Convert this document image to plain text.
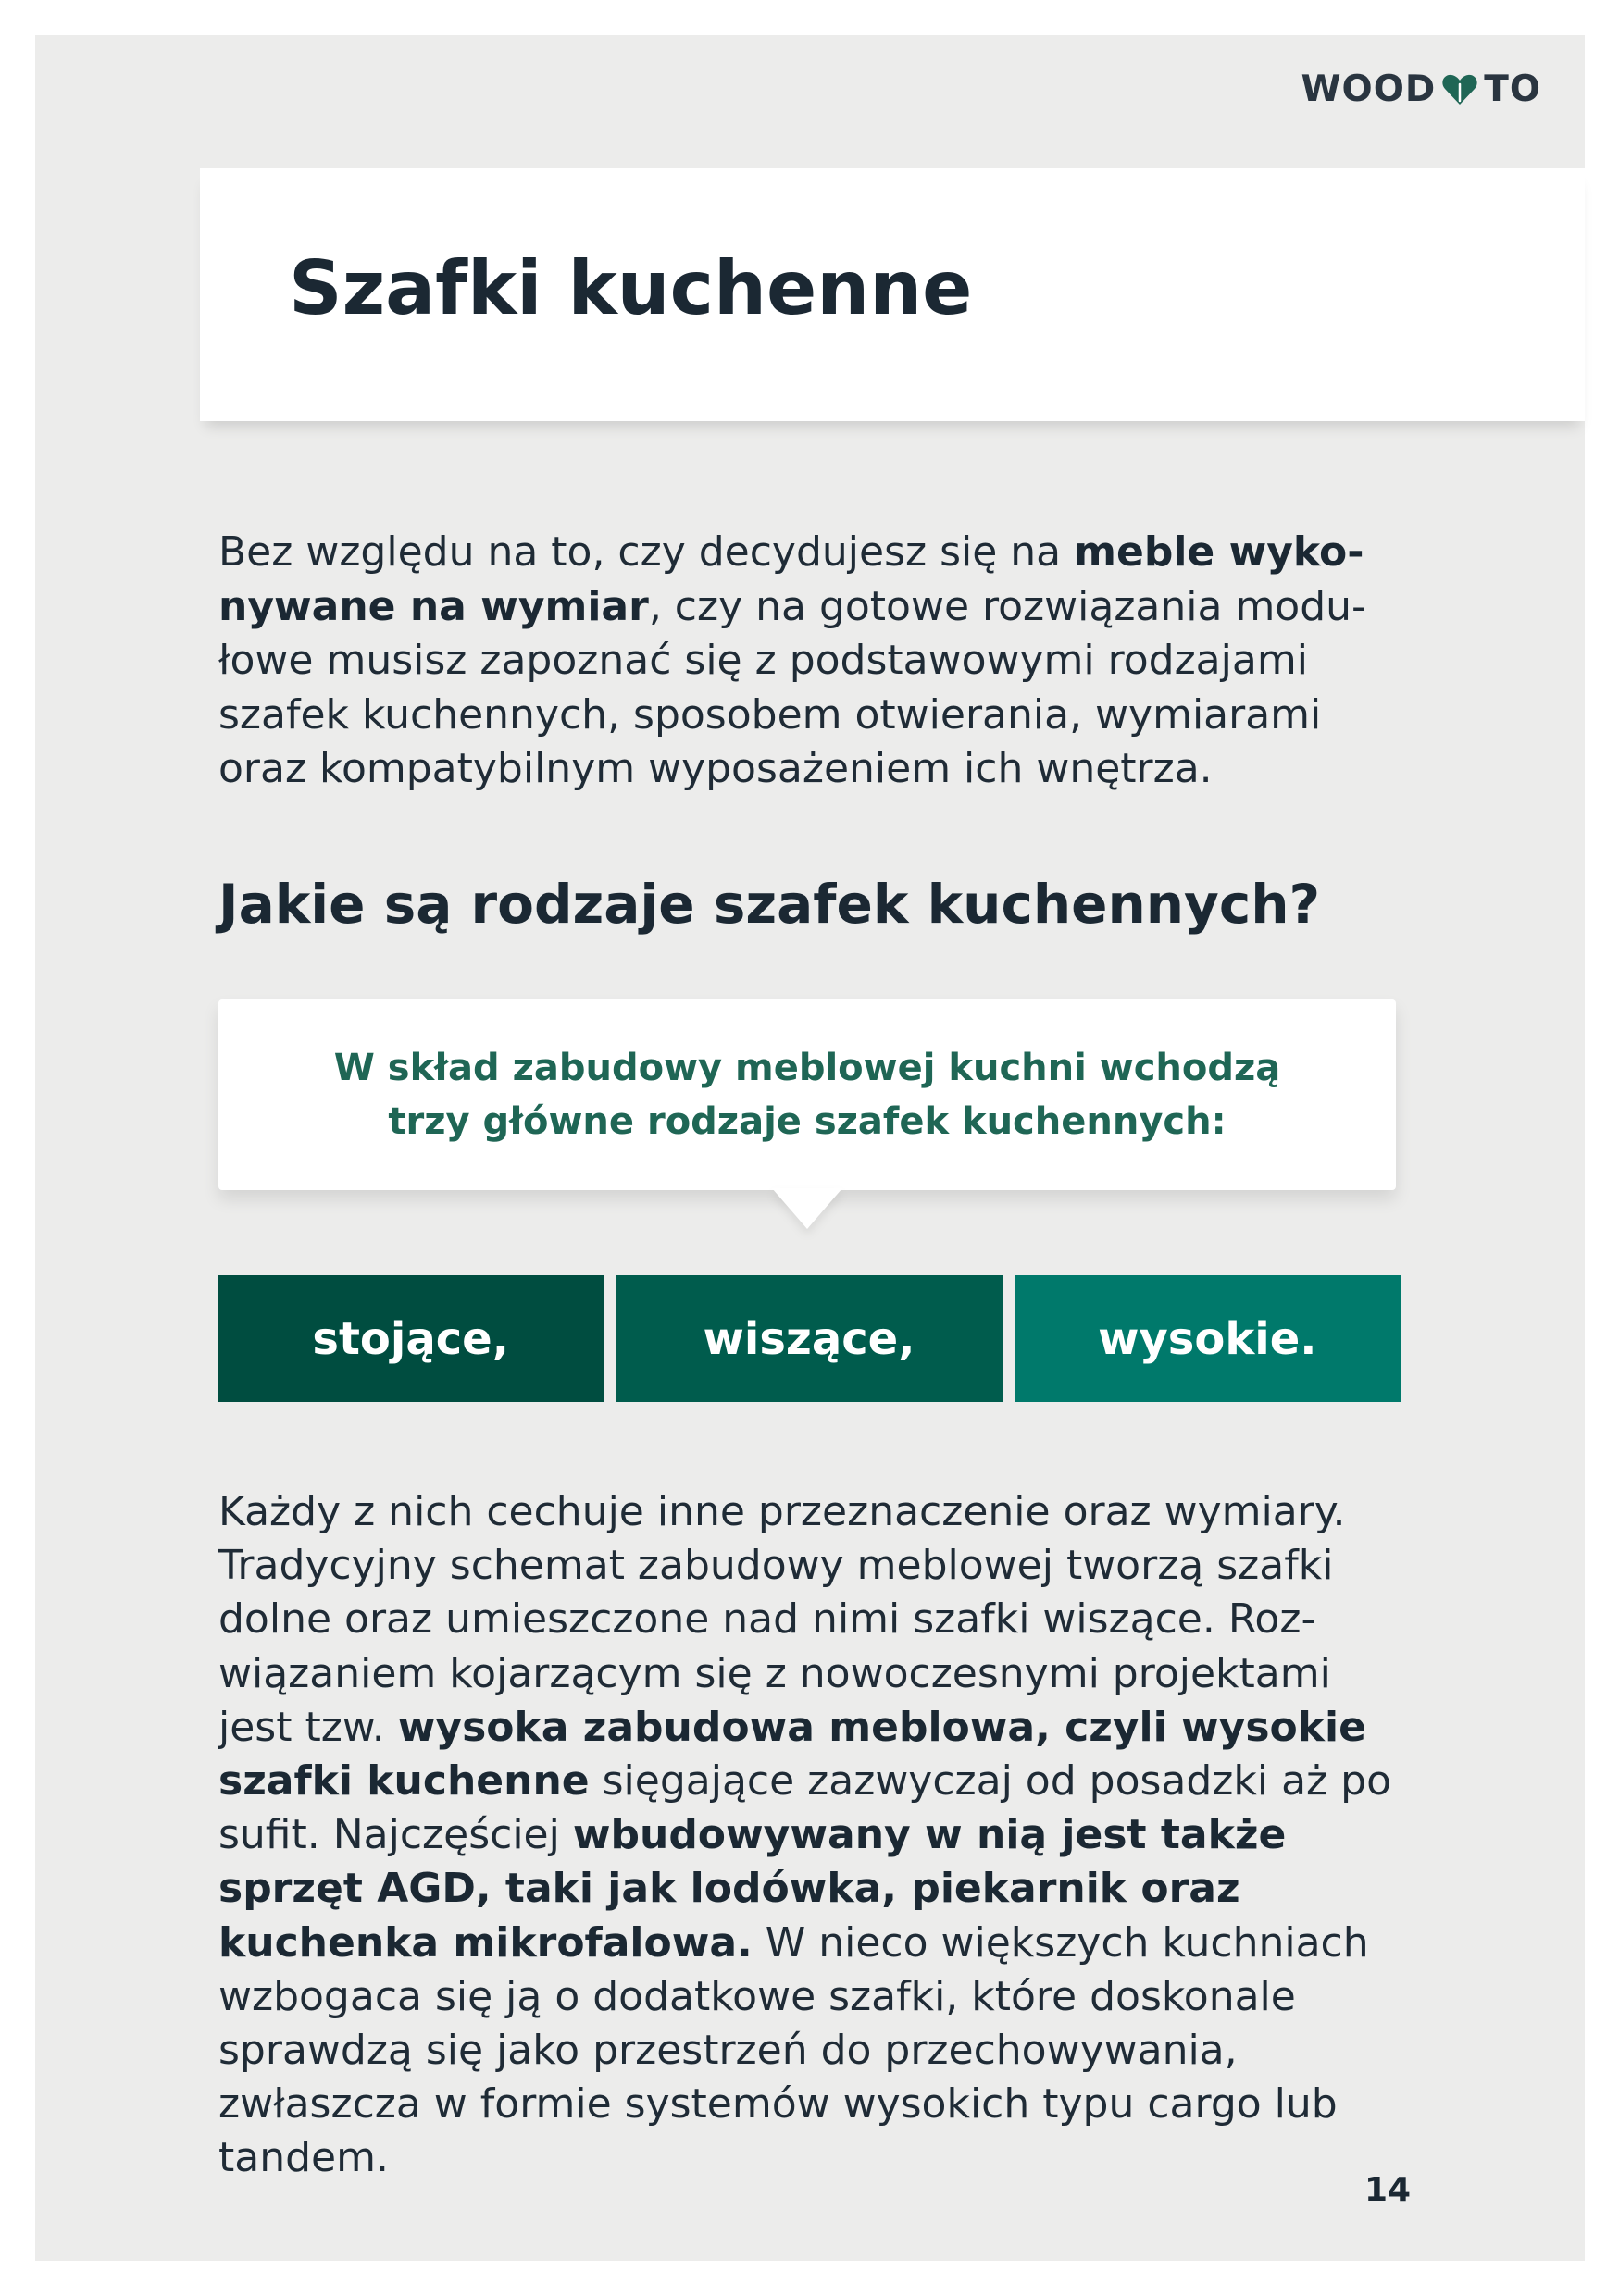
WOOD TO
Szafki kuchenne

Bez względu na to, czy decydujesz się na meble wykonywane na wymiar, czy na gotowe rozwiązania modułowe musisz zapoznać się z podstawowymi rodzajami szafek kuchennych, sposobem otwierania, wymiarami oraz kompatybilnym wyposażeniem ich wnętrza.

Jakie są rodzaje szafek kuchennych?

W skład zabudowy meblowej kuchni wchodzą
trzy główne rodzaje szafek kuchennych:

stojące,	wiszące,	wysokie.

Każdy z nich cechuje inne przeznaczenie oraz wymiary. Tradycyjny schemat zabudowy meblowej tworzą szafki dolne oraz umieszczone nad nimi szafki wiszące. Rozwiązaniem kojarzącym się z nowoczesnymi projektami jest tzw. wysoka zabudowa meblowa, czyli wysokie szafki kuchenne sięgające zazwyczaj od posadzki aż po sufit. Najczęściej wbudowywany w nią jest także sprzęt AGD, taki jak lodówka, piekarnik oraz kuchenka mikrofalowa. W nieco większych kuchniach wzbogaca się ją o dodatkowe szafki, które doskonale sprawdzą się jako przestrzeń do przechowywania, zwłaszcza w formie systemów wysokich typu cargo lub tandem.

14
